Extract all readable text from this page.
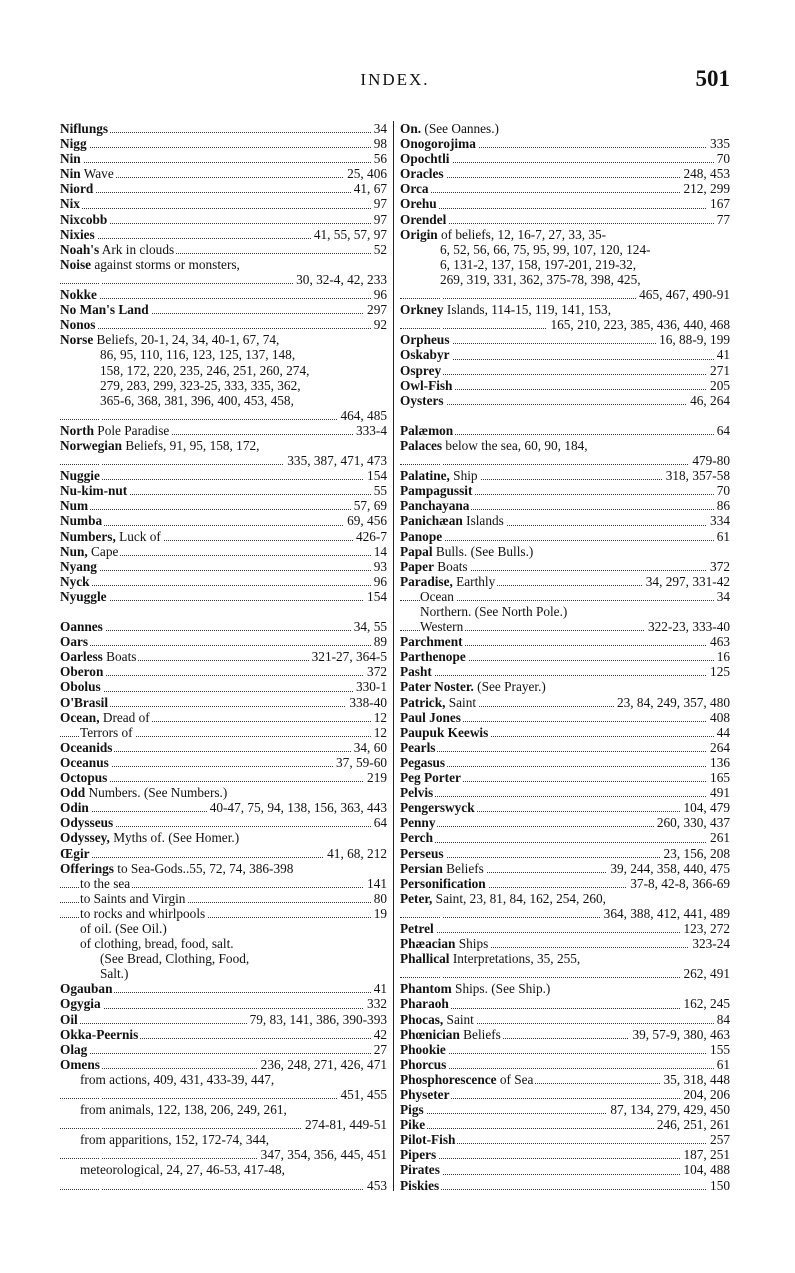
INDEX.	501
Niflungs	34
Nigg	98
Nin	56
Nin Wave	25, 406
Niord	41, 67
Nix	97
Nixcobb	97
Nixies	41, 55, 57, 97
Noah's Ark in clouds	52
Noise against storms or monsters,
30, 32-4, 42, 233
Nokke	96
No Man's Land	297
Nonos	92
Norse Beliefs, 20-1, 24, 34, 40-1, 67, 74,
86, 95, 110, 116, 123, 125, 137, 148,
158, 172, 220, 235, 246, 251, 260, 274,
279, 283, 299, 323-25, 333, 335, 362,
365-6, 368, 381, 396, 400, 453, 458,
464, 485
North Pole Paradise	333-4
Norwegian Beliefs, 91, 95, 158, 172,
335, 387, 471, 473
Nuggie	154
Nu-kim-nut	55
Num	57, 69
Numba	69, 456
Numbers, Luck of	426-7
Nun, Cape	14
Nyang	93
Nyck	96
Nyuggle	154
Oannes	34, 55
Oars	89
Oarless Boats	321-27, 364-5
Oberon	372
Obolus	330-1
O'Brasil	338-40
Ocean, Dread of	12
Terrors of	12
Oceanids	34, 60
Oceanus	37, 59-60
Octopus	219
Odd Numbers. (See Numbers.)
Odin	40-47, 75, 94, 138, 156, 363, 443
Odysseus	64
Odyssey, Myths of. (See Homer.)
Œgir	41, 68, 212
Offerings to Sea-Gods..55, 72, 74, 386-398
to the sea	141
to Saints and Virgin	80
to rocks and whirlpools	19
of oil. (See Oil.)
of clothing, bread, food, salt.
(See Bread, Clothing, Food,
Salt.)
Ogauban	41
Ogygia	332
Oil	79, 83, 141, 386, 390-393
Okka-Peernis	42
Olag	27
Omens	236, 248, 271, 426, 471
from actions, 409, 431, 433-39, 447,
451, 455
from animals, 122, 138, 206, 249, 261,
274-81, 449-51
from apparitions, 152, 172-74, 344,
347, 354, 356, 445, 451
meteorological, 24, 27, 46-53, 417-48,
453
On. (See Oannes.)
Onogorojima	335
Opochtli	70
Oracles	248, 453
Orca	212, 299
Orehu	167
Orendel	77
Origin of beliefs, 12, 16-7, 27, 33, 35-
6, 52, 56, 66, 75, 95, 99, 107, 120, 124-
6, 131-2, 137, 158, 197-201, 219-32,
269, 319, 331, 362, 375-78, 398, 425,
465, 467, 490-91
Orkney Islands, 114-15, 119, 141, 153,
165, 210, 223, 385, 436, 440, 468
Orpheus	16, 88-9, 199
Oskabyr	41
Osprey	271
Owl-Fish	205
Oysters	46, 264
Palæmon	64
Palaces below the sea, 60, 90, 184,
479-80
Palatine, Ship	318, 357-58
Pampagussit	70
Panchayana	86
Panichæan Islands	334
Panope	61
Papal Bulls. (See Bulls.)
Paper Boats	372
Paradise, Earthly	34, 297, 331-42
Ocean	34
Northern. (See North Pole.)
Western	322-23, 333-40
Parchment	463
Parthenope	16
Pasht	125
Pater Noster. (See Prayer.)
Patrick, Saint	23, 84, 249, 357, 480
Paul Jones	408
Paupuk Keewis	44
Pearls	264
Pegasus	136
Peg Porter	165
Pelvis	491
Pengerswyck	104, 479
Penny	260, 330, 437
Perch	261
Perseus	23, 156, 208
Persian Beliefs	39, 244, 358, 440, 475
Personification	37-8, 42-8, 366-69
Peter, Saint, 23, 81, 84, 162, 254, 260,
364, 388, 412, 441, 489
Petrel	123, 272
Phæacian Ships	323-24
Phallical Interpretations, 35, 255,
262, 491
Phantom Ships. (See Ship.)
Pharaoh	162, 245
Phocas, Saint	84
Phœnician Beliefs	39, 57-9, 380, 463
Phookie	155
Phorcus	61
Phosphorescence of Sea	35, 318, 448
Physeter	204, 206
Pigs	87, 134, 279, 429, 450
Pike	246, 251, 261
Pilot-Fish	257
Pipers	187, 251
Pirates	104, 488
Piskies	150
